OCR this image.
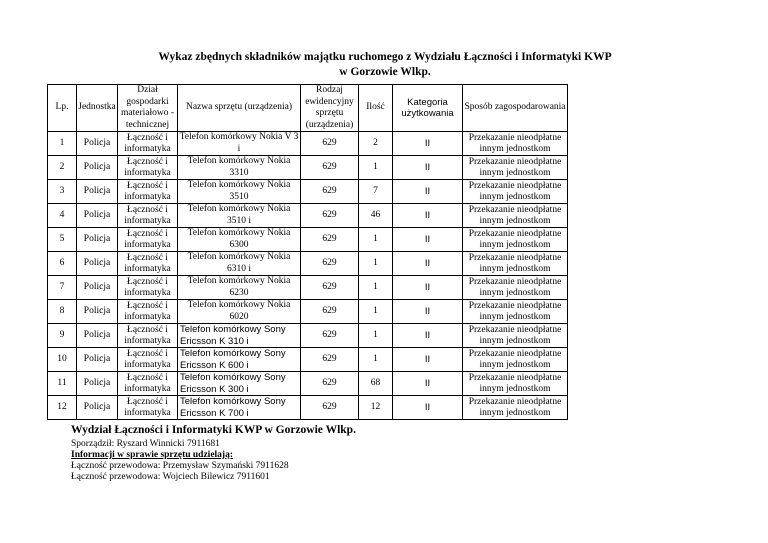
Wykaz zbędnych składników majątku ruchomego z Wydziału Łączności i Informatyki KWP
w Gorzowie Wlkp.
Lp.	Jednostka	Dział gospodarki materiałowo - technicznej	Nazwa sprzętu (urządzenia)	Rodzaj ewidencyjny sprzętu (urządzenia)	Ilość	Kategoria użytkowania	Sposób zagospodarowania
1	Policja	Łączność i informatyka	Telefon komórkowy Nokia V 3 i	629	2	II	Przekazanie nieodpłatne innym jednostkom
2	Policja	Łączność i informatyka	Telefon komórkowy Nokia 3310	629	1	II	Przekazanie nieodpłatne innym jednostkom
3	Policja	Łączność i informatyka	Telefon komórkowy Nokia 3510	629	7	II	Przekazanie nieodpłatne innym jednostkom
4	Policja	Łączność i informatyka	Telefon komórkowy Nokia 3510 i	629	46	II	Przekazanie nieodpłatne innym jednostkom
5	Policja	Łączność i informatyka	Telefon komórkowy Nokia 6300	629	1	II	Przekazanie nieodpłatne innym jednostkom
6	Policja	Łączność i informatyka	Telefon komórkowy Nokia 6310 i	629	1	II	Przekazanie nieodpłatne innym jednostkom
7	Policja	Łączność i informatyka	Telefon komórkowy Nokia 6230	629	1	II	Przekazanie nieodpłatne innym jednostkom
8	Policja	Łączność i informatyka	Telefon komórkowy Nokia 6020	629	1	II	Przekazanie nieodpłatne innym jednostkom
9	Policja	Łączność i informatyka	Telefon komórkowy Sony Ericsson K 310 i	629	1	II	Przekazanie nieodpłatne innym jednostkom
10	Policja	Łączność i informatyka	Telefon komórkowy Sony Ericsson K 600 i	629	1	II	Przekazanie nieodpłatne innym jednostkom
11	Policja	Łączność i informatyka	Telefon komórkowy Sony Ericsson K 300 i	629	68	II	Przekazanie nieodpłatne innym jednostkom
12	Policja	Łączność i informatyka	Telefon komórkowy Sony Ericsson K 700 i	629	12	II	Przekazanie nieodpłatne innym jednostkom
Wydział Łączności i Informatyki KWP w Gorzowie Wlkp.
Sporządził: Ryszard Winnicki 7911681
Informacji w sprawie sprzętu udzielają:
Łączność przewodowa: Przemysław Szymański 7911628
Łączność przewodowa: Wojciech Bilewicz 7911601
